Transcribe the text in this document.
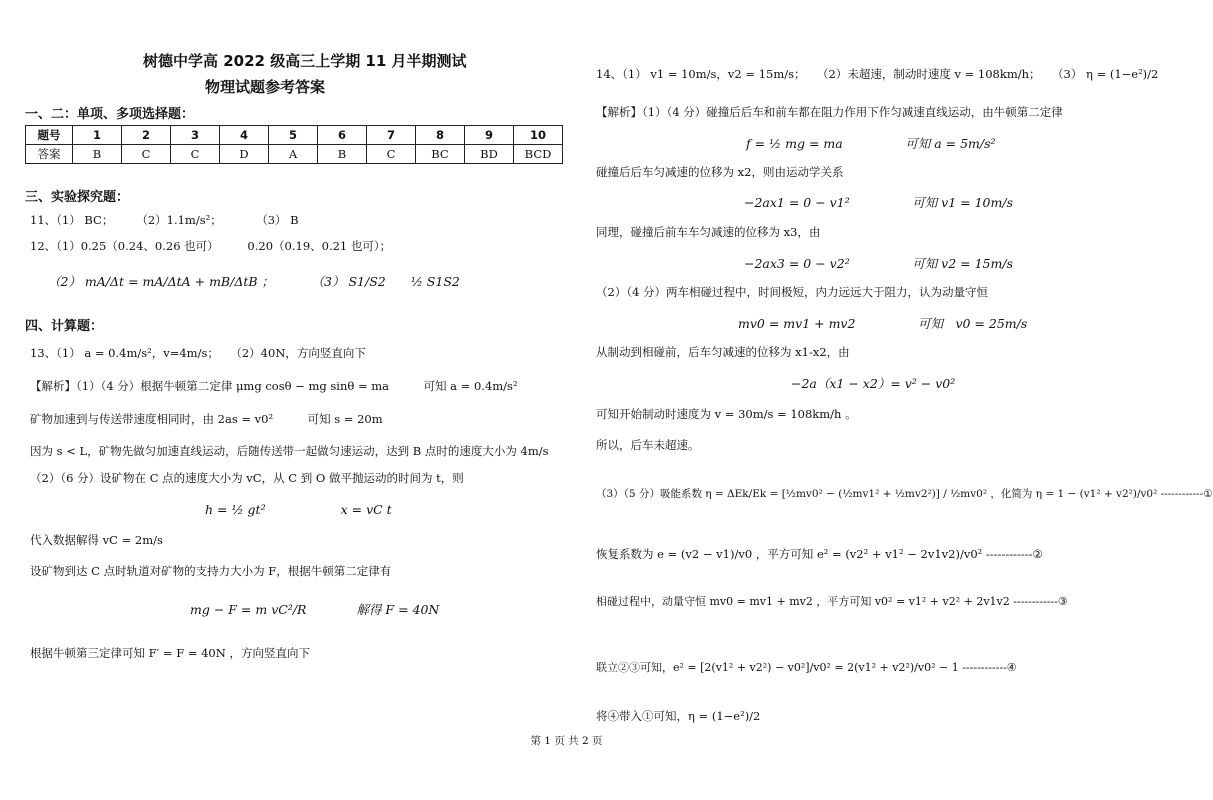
树德中学高 2022 级高三上学期 11 月半期测试
物理试题参考答案
一、二：单项、多项选择题：
题号	1	2	3	4	5	6	7	8	9	10
答案	B	C	C	D	A	B	C	BC	BD	BCD
三、实验探究题：
11、（1） BC；　　　（2）1.1m/s²；　　　　（3） B
12、（1）0.25（0.24、0.26 也可）　　　0.20（0.19、0.21 也可）；
（2） mA/Δt = mA/ΔtA + mB/ΔtB ；　　　　（3） S1/S2　　½ S1S2
四、计算题：
13、（1） a = 0.4m/s²，v=4m/s；　　（2）40N，方向竖直向下
【解析】（1）（4 分）根据牛顿第二定律 μmg cosθ − mg sinθ = ma　　　可知 a = 0.4m/s²
矿物加速到与传送带速度相同时，由 2as = v0²　　　可知 s = 20m
因为 s < L，矿物先做匀加速直线运动，后随传送带一起做匀速运动，达到 B 点时的速度大小为 4m/s
（2）（6 分）设矿物在 C 点的速度大小为 vC，从 C 到 O 做平抛运动的时间为 t，则
h = ½ gt²　　　　　　x = vC t
代入数据解得 vC = 2m/s
设矿物到达 C 点时轨道对矿物的支持力大小为 F，根据牛顿第二定律有
mg − F = m vC²/R　　　　解得 F = 40N
根据牛顿第三定律可知 F′ = F = 40N ，方向竖直向下
14、（1） v1 = 10m/s，v2 = 15m/s；　　（2）未超速，制动时速度 v = 108km/h；　　（3） η = (1−e²)/2
【解析】（1）（4 分）碰撞后后车和前车都在阻力作用下作匀减速直线运动，由牛顿第二定律
f = ½ mg = ma　　　　　可知 a = 5m/s²
碰撞后后车匀减速的位移为 x2，则由运动学关系
−2ax1 = 0 − v1²　　　　　可知 v1 = 10m/s
同理，碰撞后前车车匀减速的位移为 x3，由
−2ax3 = 0 − v2²　　　　　可知 v2 = 15m/s
（2）（4 分）两车相碰过程中，时间极短，内力远远大于阻力，认为动量守恒
mv0 = mv1 + mv2　　　　　可知　v0 = 25m/s
从制动到相碰前，后车匀减速的位移为 x1-x2，由
−2a（x1 − x2）= v² − v0²
可知开始制动时速度为 v = 30m/s = 108km/h 。
所以，后车未超速。
（3）（5 分）吸能系数 η = ΔEk/Ek = [½mv0² − (½mv1² + ½mv2²)] / ½mv0² ，化简为 η = 1 − (v1² + v2²)/v0² ------------①
恢复系数为 e = (v2 − v1)/v0 ，平方可知 e² = (v2² + v1² − 2v1v2)/v0² ------------②
相碰过程中，动量守恒 mv0 = mv1 + mv2 ，平方可知 v0² = v1² + v2² + 2v1v2 ------------③
联立②③可知，e² = [2(v1² + v2²) − v0²]/v0² = 2(v1² + v2²)/v0² − 1 ------------④
将④带入①可知，η = (1−e²)/2
第 1 页 共 2 页
